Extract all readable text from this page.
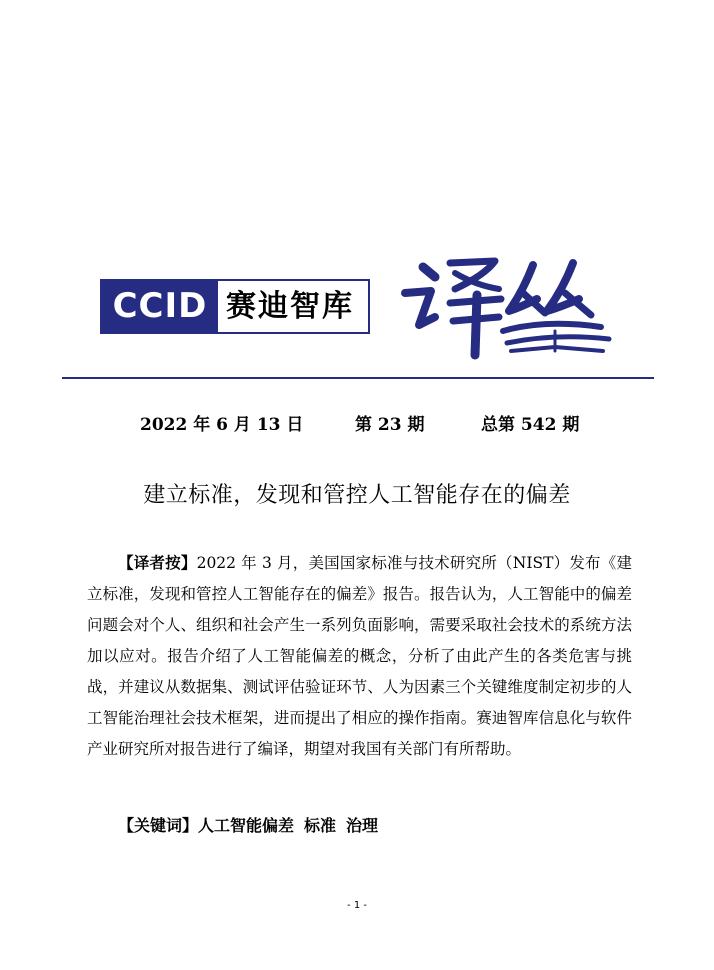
CCID 赛迪智库
2022 年 6 月 13 日	第 23 期	总第 542 期
建立标准，发现和管控人工智能存在的偏差
【译者按】2022 年 3 月，美国国家标准与技术研究所（NIST）发布《建立标准，发现和管控人工智能存在的偏差》报告。报告认为，人工智能中的偏差问题会对个人、组织和社会产生一系列负面影响，需要采取社会技术的系统方法加以应对。报告介绍了人工智能偏差的概念，分析了由此产生的各类危害与挑战，并建议从数据集、测试评估验证环节、人为因素三个关键维度制定初步的人工智能治理社会技术框架，进而提出了相应的操作指南。赛迪智库信息化与软件产业研究所对报告进行了编译，期望对我国有关部门有所帮助。
【关键词】人工智能偏差 标准 治理
- 1 -
